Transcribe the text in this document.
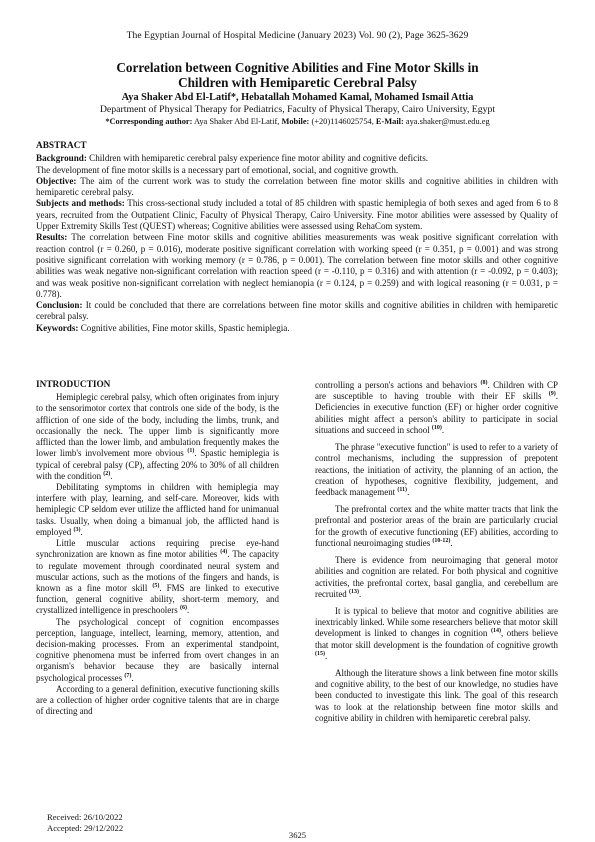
The Egyptian Journal of Hospital Medicine (January 2023) Vol. 90 (2), Page 3625-3629
Correlation between Cognitive Abilities and Fine Motor Skills in
Children with Hemiparetic Cerebral Palsy
Aya Shaker Abd El-Latif*, Hebatallah Mohamed Kamal, Mohamed Ismail Attia
Department of Physical Therapy for Pediatrics, Faculty of Physical Therapy, Cairo University, Egypt
*Corresponding author: Aya Shaker Abd El-Latif, Mobile: (+20)1146025754, E-Mail: aya.shaker@must.edu.eg
ABSTRACT

Background: Children with hemiparetic cerebral palsy experience fine motor ability and cognitive deficits.

The development of fine motor skills is a necessary part of emotional, social, and cognitive growth.

Objective: The aim of the current work was to study the correlation between fine motor skills and cognitive abilities in children with hemiparetic cerebral palsy.

Subjects and methods: This cross-sectional study included a total of 85 children with spastic hemiplegia of both sexes and aged from 6 to 8 years, recruited from the Outpatient Clinic, Faculty of Physical Therapy, Cairo University. Fine motor abilities were assessed by Quality of Upper Extremity Skills Test (QUEST) whereas; Cognitive abilities were assessed using RehaCom system.

Results: The correlation between Fine motor skills and cognitive abilities measurements was weak positive significant correlation with reaction control (r = 0.260, p = 0.016), moderate positive significant correlation with working speed (r = 0.351, p = 0.001) and was strong positive significant correlation with working memory (r = 0.786, p = 0.001). The correlation between fine motor skills and other cognitive abilities was weak negative non-significant correlation with reaction speed (r = -0.110, p = 0.316) and with attention (r = -0.092, p = 0.403); and was weak positive non-significant correlation with neglect hemianopia (r = 0.124, p = 0.259) and with logical reasoning (r = 0.031, p = 0.778).

Conclusion: It could be concluded that there are correlations between fine motor skills and cognitive abilities in children with hemiparetic cerebral palsy.

Keywords: Cognitive abilities, Fine motor skills, Spastic hemiplegia.

INTRODUCTION

Hemiplegic cerebral palsy, which often originates from injury to the sensorimotor cortex that controls one side of the body, is the affliction of one side of the body, including the limbs, trunk, and occasionally the neck. The upper limb is significantly more afflicted than the lower limb, and ambulation frequently makes the lower limb's involvement more obvious $^{(1)}$. Spastic hemiplegia is typical of cerebral palsy (CP), affecting 20% to 30% of all children with the condition $^{(2)}$.

Debilitating symptoms in children with hemiplegia may interfere with play, learning, and self-care. Moreover, kids with hemiplegic CP seldom ever utilize the afflicted hand for unimanual tasks. Usually, when doing a bimanual job, the afflicted hand is employed $^{(3)}$.

Little muscular actions requiring precise eye-hand synchronization are known as fine motor abilities $^{(4)}$. The capacity to regulate movement through coordinated neural system and muscular actions, such as the motions of the fingers and hands, is known as a fine motor skill $^{(5)}$. FMS are linked to executive function, general cognitive ability, short-term memory, and crystallized intelligence in preschoolers $^{(6)}$.

The psychological concept of cognition encompasses perception, language, intellect, learning, memory, attention, and decision-making processes. From an experimental standpoint, cognitive phenomena must be inferred from overt changes in an organism's behavior because they are basically internal psychological processes $^{(7)}$.

According to a general definition, executive functioning skills are a collection of higher order cognitive talents that are in charge of directing and

controlling a person's actions and behaviors $^{(8)}$. Children with CP are susceptible to having trouble with their EF skills $^{(9)}$. Deficiencies in executive function (EF) or higher order cognitive abilities might affect a person's ability to participate in social situations and succeed in school $^{(10)}$.

The phrase "executive function" is used to refer to a variety of control mechanisms, including the suppression of prepotent reactions, the initiation of activity, the planning of an action, the creation of hypotheses, cognitive flexibility, judgement, and feedback management $^{(11)}$.

The prefrontal cortex and the white matter tracts that link the prefrontal and posterior areas of the brain are particularly crucial for the growth of executive functioning (EF) abilities, according to functional neuroimaging studies $^{(10-12)}$.

There is evidence from neuroimaging that general motor abilities and cognition are related. For both physical and cognitive activities, the prefrontal cortex, basal ganglia, and cerebellum are recruited $^{(13)}$.

It is typical to believe that motor and cognitive abilities are inextricably linked. While some researchers believe that motor skill development is linked to changes in cognition $^{(14)}$, others believe that motor skill development is the foundation of cognitive growth $^{(15)}$.

Although the literature shows a link between fine motor skills and cognitive ability, to the best of our knowledge, no studies have been conducted to investigate this link. The goal of this research was to look at the relationship between fine motor skills and cognitive ability in children with hemiparetic cerebral palsy.

Received: 26/10/2022
Accepted: 29/12/2022
3625
